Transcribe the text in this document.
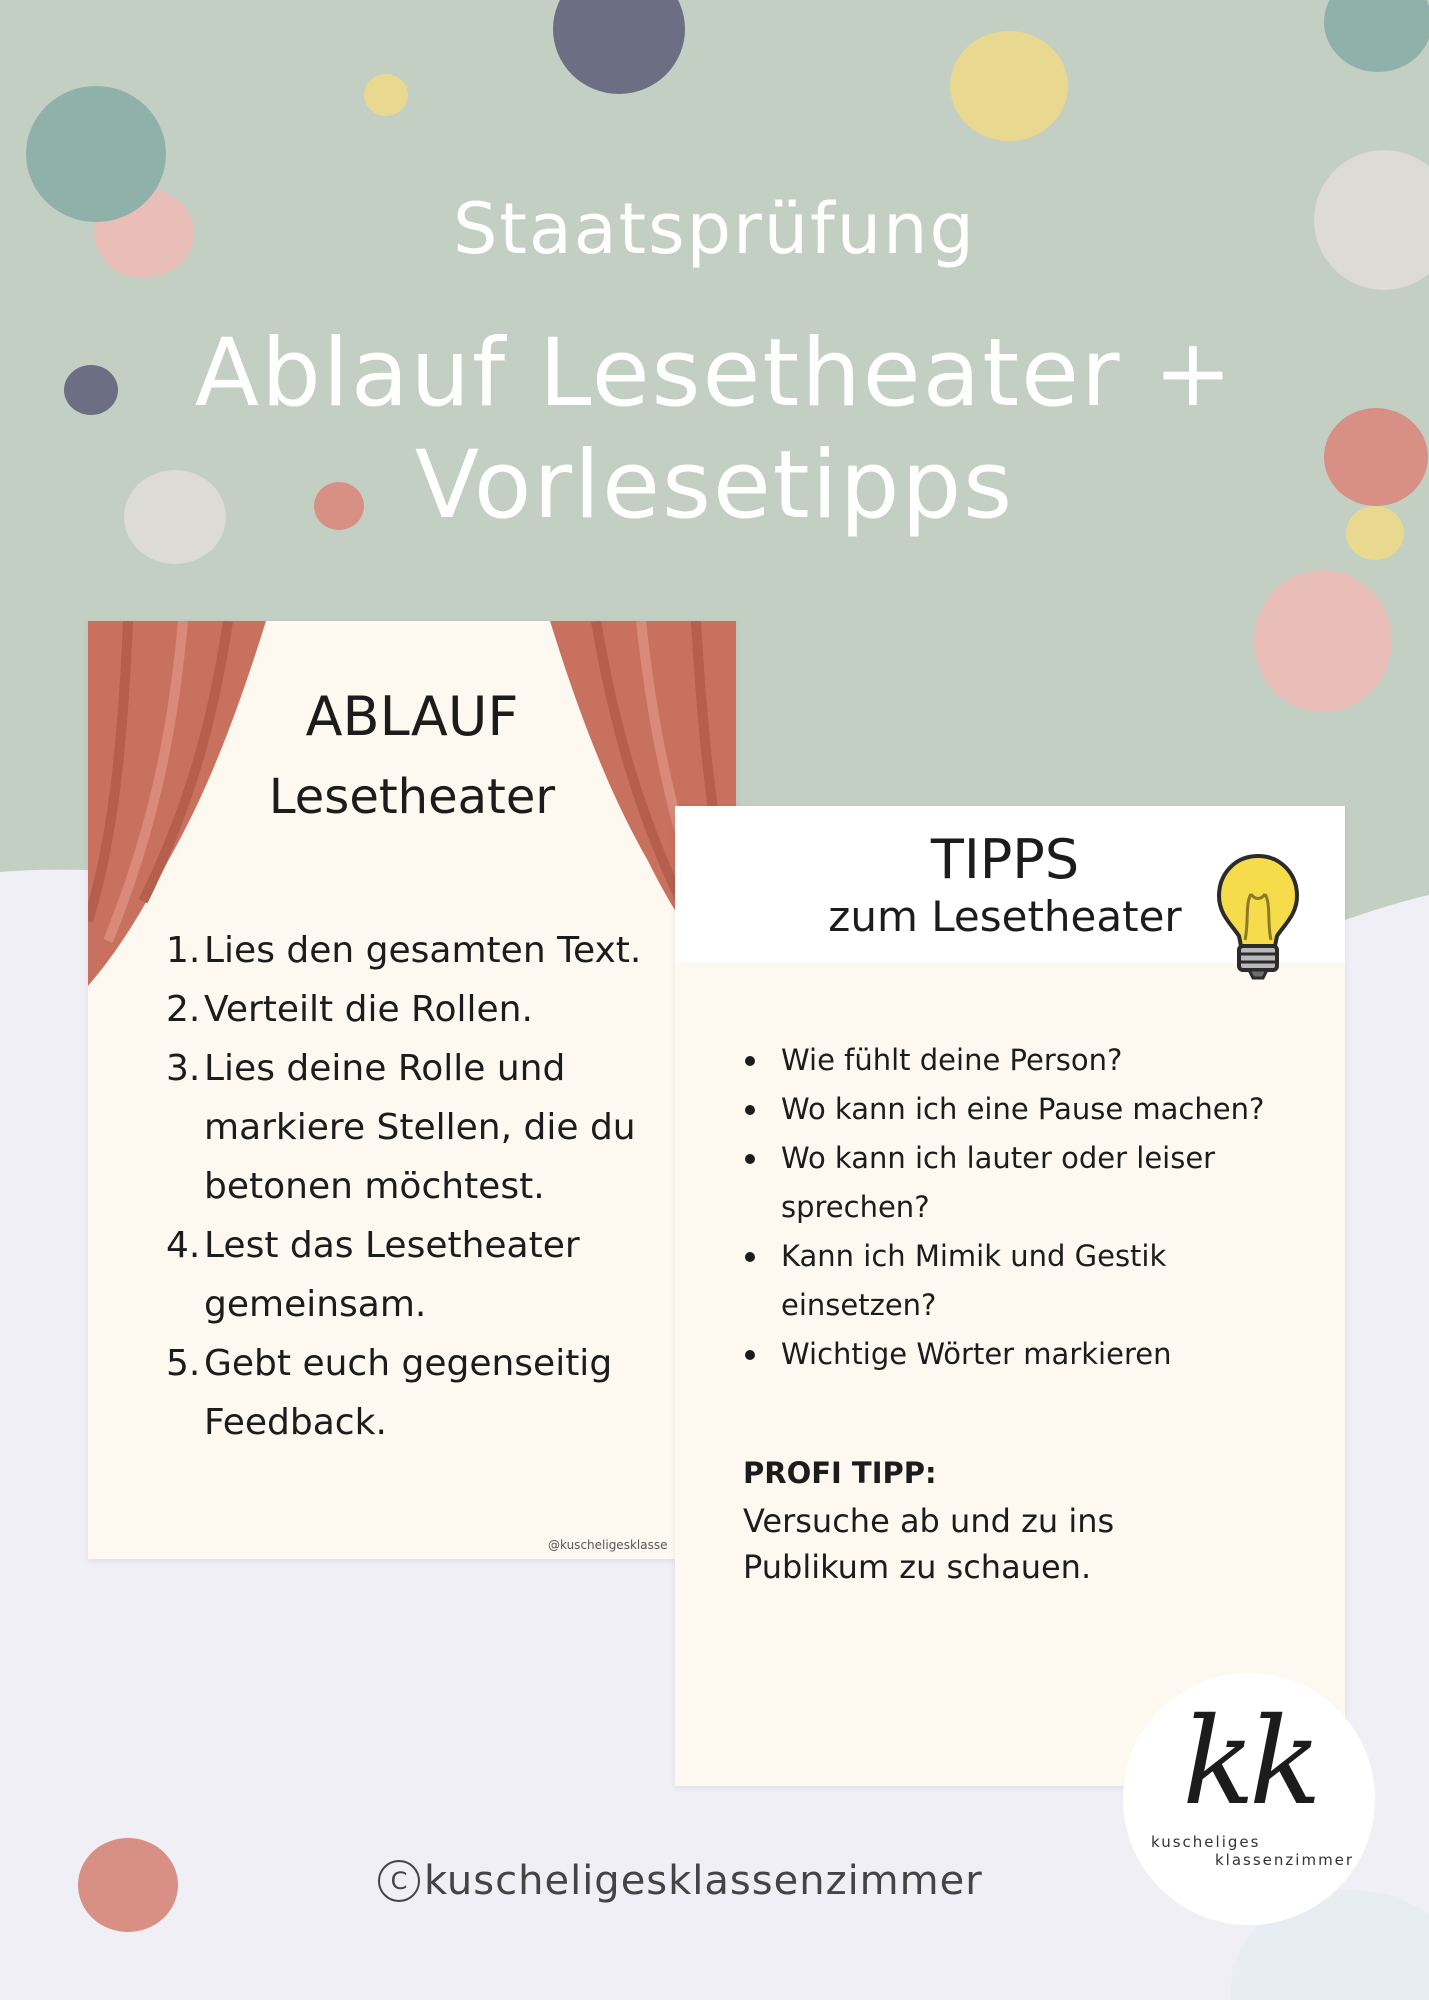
Staatsprüfung
Ablauf Lesetheater +
Vorlesetipps
ABLAUF
Lesetheater
1. Lies den gesamten Text.
2. Verteilt die Rollen.
3. Lies deine Rolle und
markiere Stellen, die du
betonen möchtest.
4. Lest das Lesetheater
gemeinsam.
5. Gebt euch gegenseitig
Feedback.
@kuscheligesklasse
TIPPS
zum Lesetheater
Wie fühlt deine Person?
Wo kann ich eine Pause machen?
Wo kann ich lauter oder leiser
sprechen?
Kann ich Mimik und Gestik
einsetzen?
Wichtige Wörter markieren
PROFI TIPP:
Versuche ab und zu ins
Publikum zu schauen.
kk
kuscheliges
klassenzimmer
C kuscheligesklassenzimmer
